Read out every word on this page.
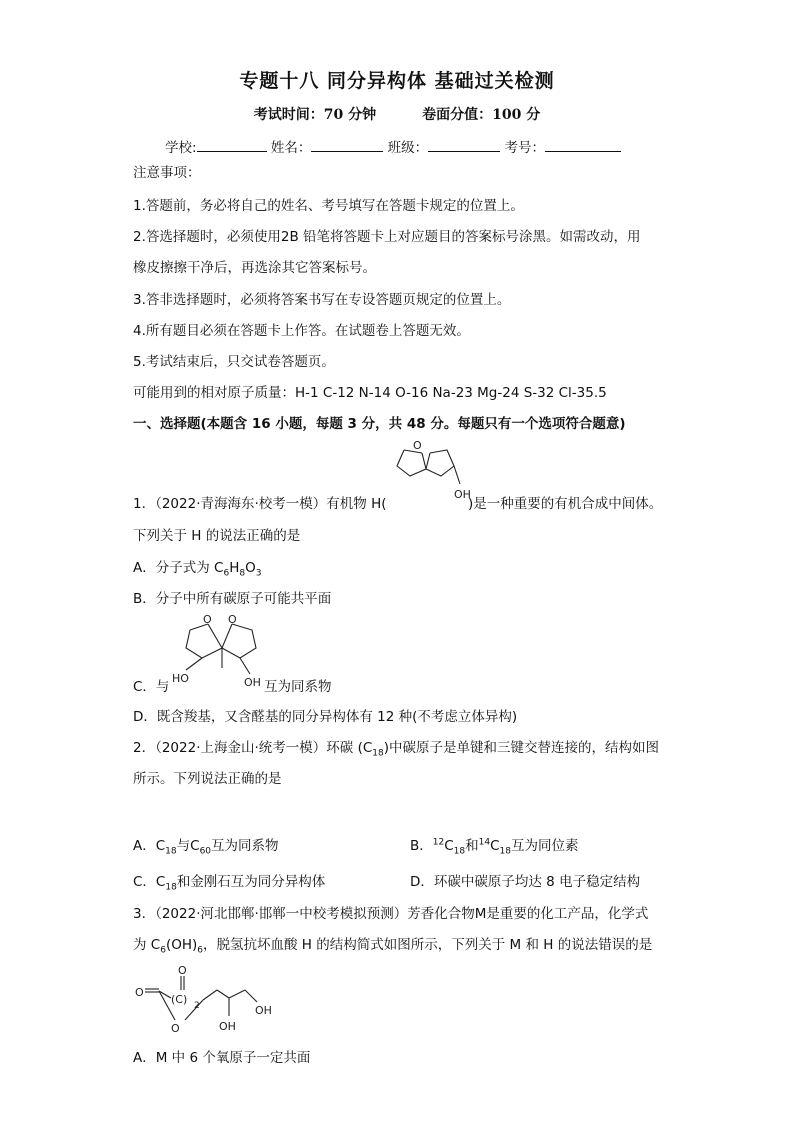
专题十八 同分异构体 基础过关检测
考试时间：70 分钟	卷面分值：100 分
学校:	姓名：	班级：	考号：
注意事项：
1.答题前，务必将自己的姓名、考号填写在答题卡规定的位置上。
2.答选择题时，必须使用2B 铅笔将答题卡上对应题目的答案标号涂黑。如需改动，用
橡皮擦擦干净后，再选涂其它答案标号。
3.答非选择题时，必须将答案书写在专设答题页规定的位置上。
4.所有题目必须在答题卡上作答。在试题卷上答题无效。
5.考试结束后，只交试卷答题页。
可能用到的相对原子质量：H-1 C-12 N-14 O-16 Na-23 Mg-24 S-32 Cl-35.5
一、选择题(本题含 16 小题，每题 3 分，共 48 分。每题只有一个选项符合题意)
O
OH
1．（2022·青海海东·校考一模）有机物 H(	)是一种重要的有机合成中间体。
下列关于 H 的说法正确的是
A．分子式为 $C_6H_8O_3$
B．分子中所有碳原子可能共平面
O O
HO	OH
C．与	互为同系物
D．既含羧基，又含醛基的同分异构体有 12 种(不考虑立体异构)
2．（2022·上海金山·统考一模）环碳 $(C_{18})$中碳原子是单键和三键交替连接的，结构如图
所示。下列说法正确的是
A．$C_{18}$与$C_{60}$互为同系物	B．$^{12}C_{18}$和$^{14}C_{18}$互为同位素
C．$C_{18}$和金刚石互为同分异构体	D．环碳中碳原子均达 8 电子稳定结构
3．（2022·河北邯郸·邯郸一中校考模拟预测）芳香化合物M是重要的化工产品，化学式
为 $C_6(OH)_6$，脱氢抗坏血酸 H 的结构简式如图所示，下列关于 M 和 H 的说法错误的是
O
(C) 2
O
O	OH
OH
A．M 中 6 个氧原子一定共面
